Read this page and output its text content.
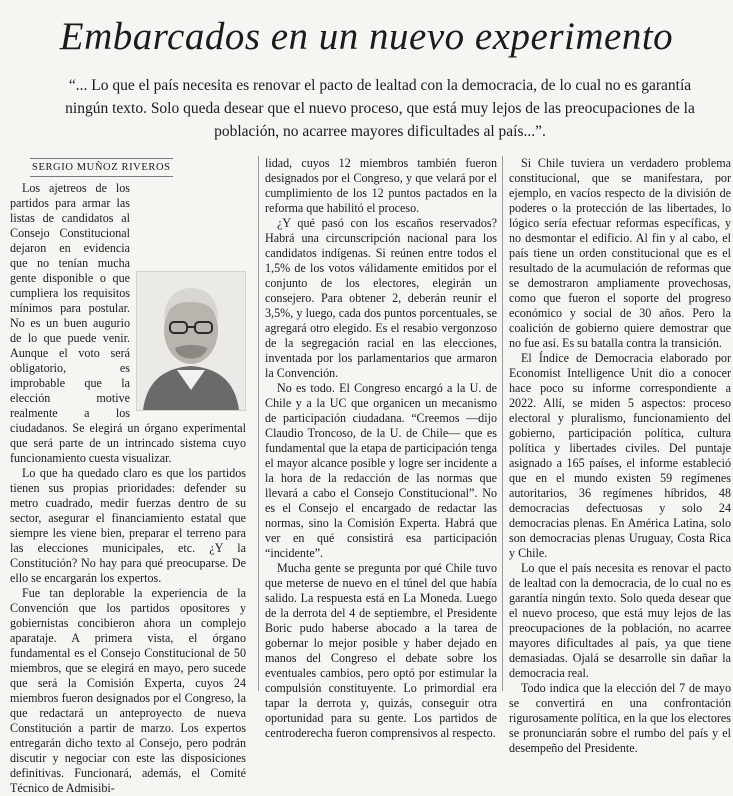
Embarcados en un nuevo experimento
“... Lo que el país necesita es renovar el pacto de lealtad con la democracia, de lo cual no es garantía ningún texto. Solo queda desear que el nuevo proceso, que está muy lejos de las preocupaciones de la población, no acarree mayores dificultades al país...”.
SERGIO MUÑOZ RIVEROS

Los ajetreos de los partidos para armar las listas de candidatos al Consejo Constitucional dejaron en evidencia que no tenían mucha gente disponible o que cumpliera los requisitos mínimos para postular. No es un buen augurio de lo que puede venir. Aunque el voto será obligatorio, es improbable que la elección motive realmente a los ciudadanos. Se elegirá un órgano experimental que será parte de un intrincado sistema cuyo funcionamiento cuesta visualizar.

Lo que ha quedado claro es que los partidos tienen sus propias prioridades: defender su metro cuadrado, medir fuerzas dentro de su sector, asegurar el financiamiento estatal que siempre les viene bien, preparar el terreno para las elecciones municipales, etc. ¿Y la Constitución? No hay para qué preocuparse. De ello se encargarán los expertos.

Fue tan deplorable la experiencia de la Convención que los partidos opositores y gobiernistas concibieron ahora un complejo aparataje. A primera vista, el órgano fundamental es el Consejo Constitucional de 50 miembros, que se elegirá en mayo, pero sucede que será la Comisión Experta, cuyos 24 miembros fueron designados por el Congreso, la que redactará un anteproyecto de nueva Constitución a partir de marzo. Los expertos entregarán dicho texto al Consejo, pero podrán discutir y negociar con este las disposiciones definitivas. Funcionará, además, el Comité Técnico de Admisibi-

lidad, cuyos 12 miembros también fueron designados por el Congreso, y que velará por el cumplimiento de los 12 puntos pactados en la reforma que habilitó el proceso.

¿Y qué pasó con los escaños reservados? Habrá una circunscripción nacional para los candidatos indígenas. Si reúnen entre todos el 1,5% de los votos válidamente emitidos por el conjunto de los electores, elegirán un consejero. Para obtener 2, deberán reunir el 3,5%, y luego, cada dos puntos porcentuales, se agregará otro elegido. Es el resabio vergonzoso de la segregación racial en las elecciones, inventada por los parlamentarios que armaron la Convención.

No es todo. El Congreso encargó a la U. de Chile y a la UC que organicen un mecanismo de participación ciudadana. “Creemos —dijo Claudio Troncoso, de la U. de Chile— que es fundamental que la etapa de participación tenga el mayor alcance posible y logre ser incidente a la hora de la redacción de las normas que llevará a cabo el Consejo Constitucional”. No es el Consejo el encargado de redactar las normas, sino la Comisión Experta. Habrá que ver en qué consistirá esa participación “incidente”.

Mucha gente se pregunta por qué Chile tuvo que meterse de nuevo en el túnel del que había salido. La respuesta está en La Moneda. Luego de la derrota del 4 de septiembre, el Presidente Boric pudo haberse abocado a la tarea de gobernar lo mejor posible y haber dejado en manos del Congreso el debate sobre los eventuales cambios, pero optó por estimular la compulsión constituyente. Lo primordial era tapar la derrota y, quizás, conseguir otra oportunidad para su gente. Los partidos de centroderecha fueron comprensivos al respecto.

Si Chile tuviera un verdadero problema constitucional, que se manifestara, por ejemplo, en vacíos respecto de la división de poderes o la protección de las libertades, lo lógico sería efectuar reformas específicas, y no desmontar el edificio. Al fin y al cabo, el país tiene un orden constitucional que es el resultado de la acumulación de reformas que se demostraron ampliamente provechosas, como que fueron el soporte del progreso económico y social de 30 años. Pero la coalición de gobierno quiere demostrar que no fue así. Es su batalla contra la transición.

El Índice de Democracia elaborado por Economist Intelligence Unit dio a conocer hace poco su informe correspondiente a 2022. Allí, se miden 5 aspectos: proceso electoral y pluralismo, funcionamiento del gobierno, participación política, cultura política y libertades civiles. Del puntaje asignado a 165 países, el informe estableció que en el mundo existen 59 regímenes autoritarios, 36 regímenes híbridos, 48 democracias defectuosas y solo 24 democracias plenas. En América Latina, solo son democracias plenas Uruguay, Costa Rica y Chile.

Lo que el país necesita es renovar el pacto de lealtad con la democracia, de lo cual no es garantía ningún texto. Solo queda desear que el nuevo proceso, que está muy lejos de las preocupaciones de la población, no acarree mayores dificultades al país, ya que tiene demasiadas. Ojalá se desarrolle sin dañar la democracia real.

Todo indica que la elección del 7 de mayo se convertirá en una confrontación rigurosamente política, en la que los electores se pronunciarán sobre el rumbo del país y el desempeño del Presidente.
